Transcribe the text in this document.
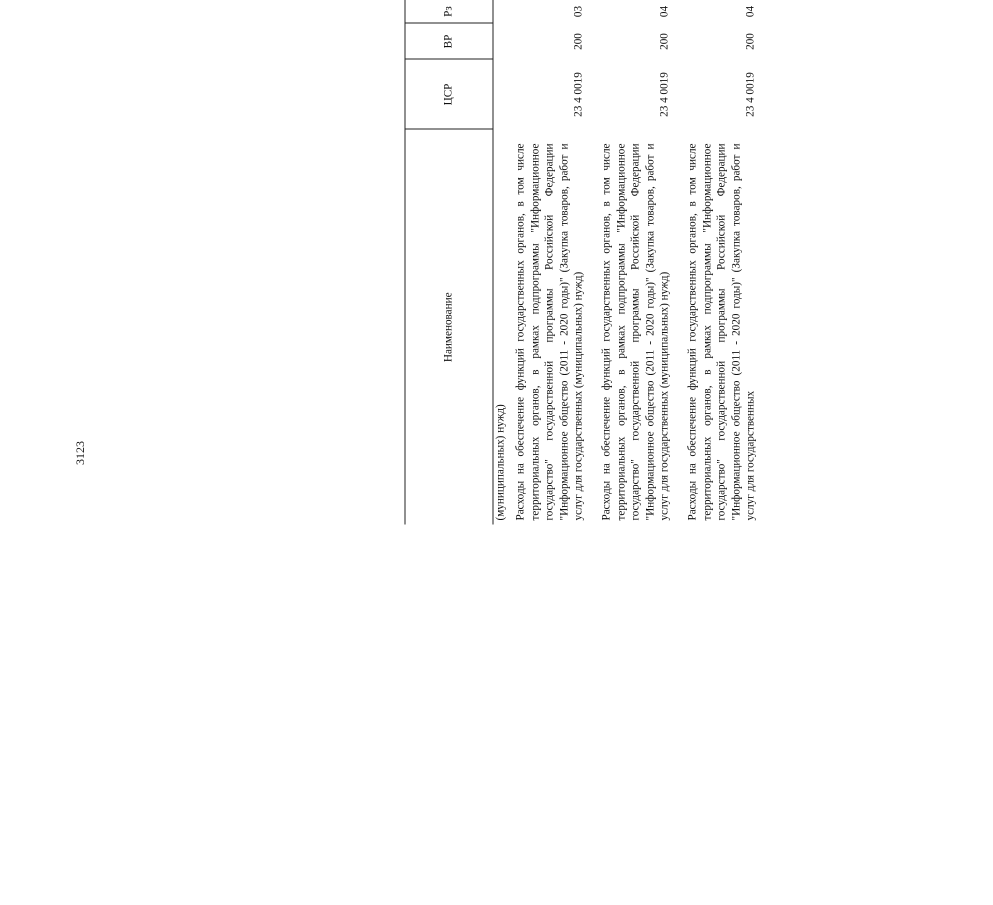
3123
Наименование	ЦСР	ВР	Рз		

(муниципальных) нужд)						
Расходы на обеспечение функций государственных органов, в том числе территориальных органов, в рамках подпрограммы "Информационное государство" государственной программы Российской Федерации "Информационное общество (2011 - 2020 годы)" (Закупка товаров, работ и услуг для государственных (муниципальных) нужд)	23 4 0019	200	03			
Расходы на обеспечение функций государственных органов, в том числе территориальных органов, в рамках подпрограммы "Информационное государство" государственной программы Российской Федерации "Информационное общество (2011 - 2020 годы)" (Закупка товаров, работ и услуг для государственных (муниципальных) нужд)	23 4 0019	200	04			
Расходы на обеспечение функций государственных органов, в том числе территориальных органов, в рамках подпрограммы "Информационное государство" государственной программы Российской Федерации "Информационное общество (2011 - 2020 годы)" (Закупка товаров, работ и услуг для государственных	23 4 0019	200	04			
